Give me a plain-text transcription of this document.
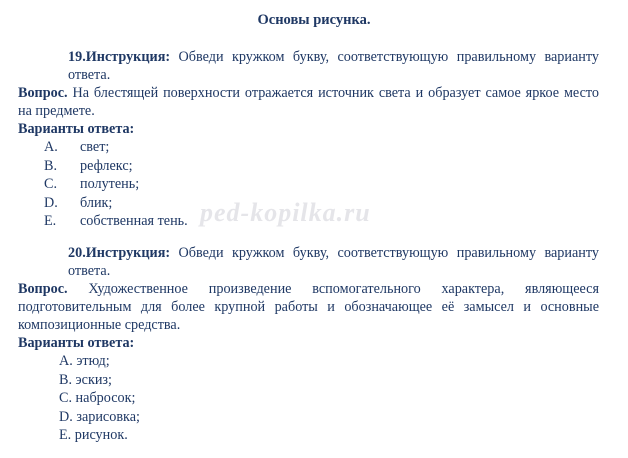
Основы рисунка.
19.Инструкция: Обведи кружком букву, соответствующую правильному варианту ответа.
Вопрос. На блестящей поверхности отражается источник света и образует самое яркое место на предмете.
Варианты ответа:
A.	свет;
B.	рефлекс;
C.	полутень;
D.	блик;
E.	собственная тень.
20.Инструкция: Обведи кружком букву, соответствующую правильному варианту ответа.
Вопрос. Художественное произведение вспомогательного характера, являющееся подготовительным для более крупной работы и обозначающее её замысел и основные композиционные средства.
Варианты ответа:
A. этюд;
B. эскиз;
C. набросок;
D. зарисовка;
E. рисунок.
ped-kopilka.ru
